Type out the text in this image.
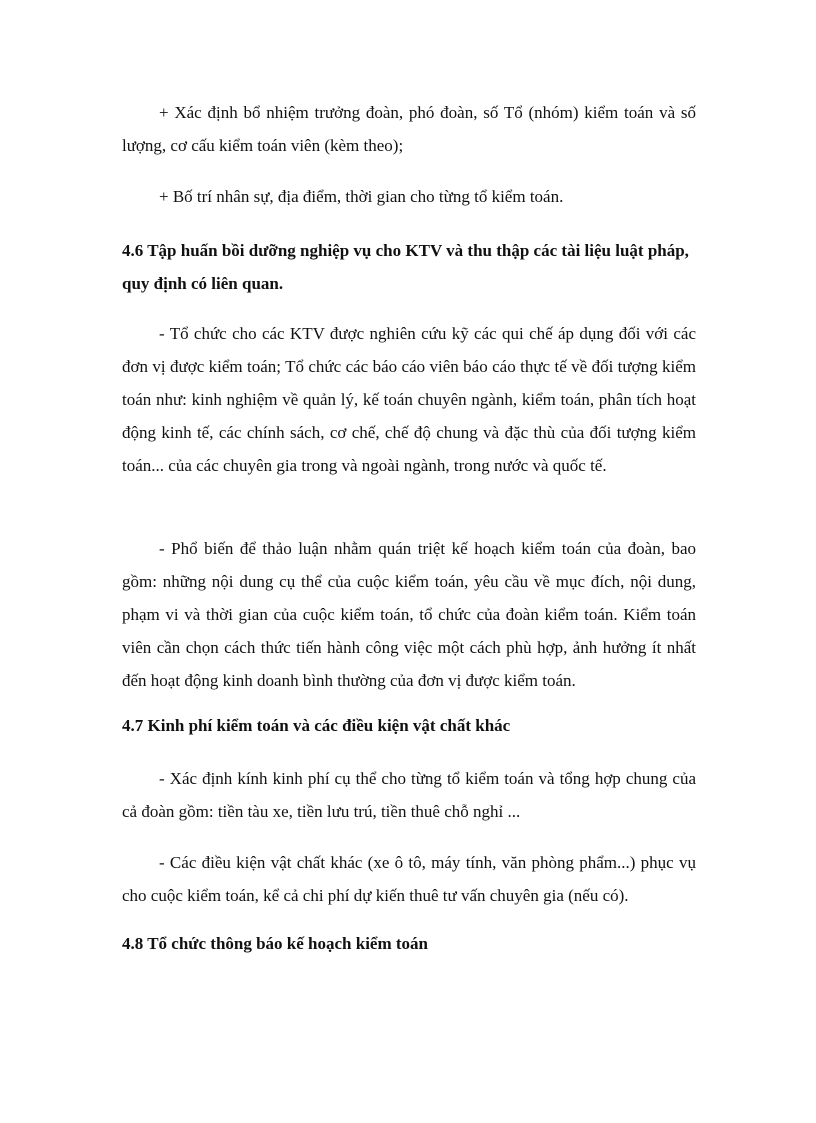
+ Xác định bổ nhiệm trưởng đoàn, phó đoàn, số Tổ (nhóm) kiểm toán và số lượng, cơ cấu kiểm toán viên (kèm theo);

+ Bố trí nhân sự, địa điểm, thời gian cho từng tổ kiểm toán.

4.6 Tập huấn bồi dưỡng nghiệp vụ cho KTV và thu thập các tài liệu luật pháp, quy định có liên quan.

- Tổ chức cho các KTV được nghiên cứu kỹ các qui chế áp dụng đối với các đơn vị được kiểm toán; Tổ chức các báo cáo viên báo cáo thực tế về đối tượng kiểm toán như: kinh nghiệm về quản lý, kế toán chuyên ngành, kiểm toán, phân tích hoạt động kinh tế, các chính sách, cơ chế, chế độ chung và đặc thù của đối tượng kiểm toán... của các chuyên gia trong và ngoài ngành, trong nước và quốc tế.

- Phổ biến để thảo luận nhằm quán triệt kế hoạch kiểm toán của đoàn, bao gồm: những nội dung cụ thể của cuộc kiểm toán, yêu cầu về mục đích, nội dung, phạm vi và thời gian của cuộc kiểm toán, tổ chức của đoàn kiểm toán. Kiểm toán viên cần chọn cách thức tiến hành công việc một cách phù hợp, ảnh hưởng ít nhất đến hoạt động kinh doanh bình thường của đơn vị được kiểm toán.

4.7 Kinh phí kiểm toán và các điều kiện vật chất khác

- Xác định kính kinh phí cụ thể cho từng tổ kiểm toán và tổng hợp chung của cả đoàn gồm: tiền tàu xe, tiền lưu trú, tiền thuê chỗ nghỉ ...

- Các điều kiện vật chất khác (xe ô tô, máy tính, văn phòng phẩm...) phục vụ cho cuộc kiểm toán, kể cả chi phí dự kiến thuê tư vấn chuyên gia (nếu có).

4.8 Tổ chức thông báo kế hoạch kiểm toán
